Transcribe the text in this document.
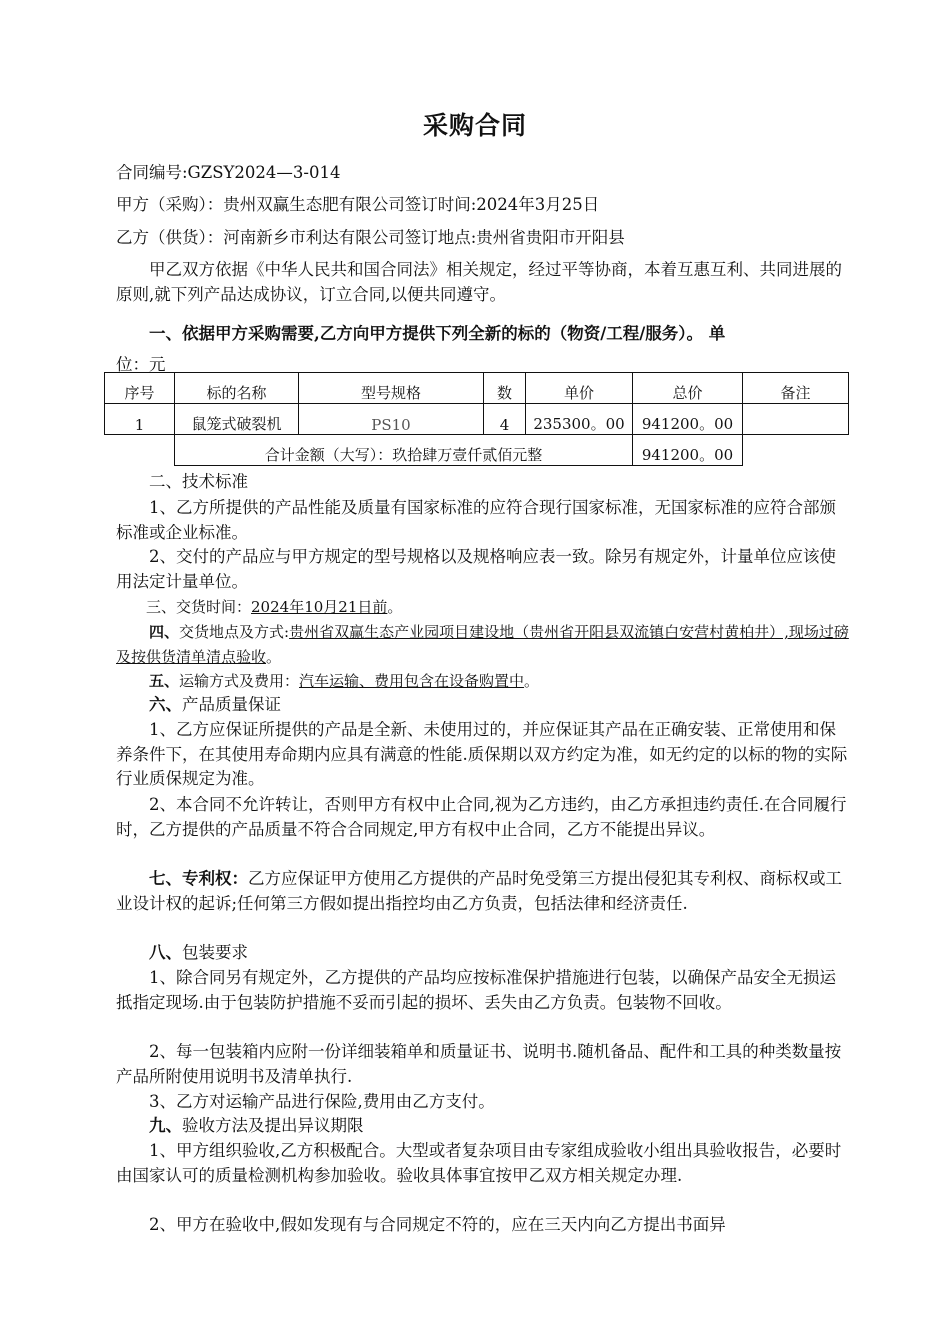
采购合同
合同编号:GZSY2024—3-014
甲方（采购）：贵州双赢生态肥有限公司签订时间:2024年3月25日
乙方（供货）：河南新乡市利达有限公司签订地点:贵州省贵阳市开阳县
甲乙双方依据《中华人民共和国合同法》相关规定，经过平等协商，本着互惠互利、共同进展的原则,就下列产品达成协议，订立合同,以便共同遵守。
一、依据甲方采购需要,乙方向甲方提供下列全新的标的（物资/工程/服务）。 单
位：元
序号	标的名称	型号规格	数	单价	总价	备注
1	鼠笼式破裂机	PS10	4	235300。00	941200。00	
	合计金额（大写）：玖拾肆万壹仟贰佰元整				941200。00	
二、技术标准
1、乙方所提供的产品性能及质量有国家标准的应符合现行国家标准，无国家标准的应符合部颁标准或企业标准。
2、交付的产品应与甲方规定的型号规格以及规格响应表一致。除另有规定外，计量单位应该使用法定计量单位。
三、交货时间：2024年10月21日前。
四、交货地点及方式:贵州省双赢生态产业园项目建设地（贵州省开阳县双流镇白安营村黄柏井）,现场过磅及按供货清单清点验收。
五、运输方式及费用：汽车运输、费用包含在设备购置中。
六、产品质量保证
1、乙方应保证所提供的产品是全新、未使用过的，并应保证其产品在正确安装、正常使用和保养条件下，在其使用寿命期内应具有满意的性能.质保期以双方约定为准，如无约定的以标的物的实际行业质保规定为准。
2、本合同不允许转让，否则甲方有权中止合同,视为乙方违约，由乙方承担违约责任.在合同履行时，乙方提供的产品质量不符合合同规定,甲方有权中止合同，乙方不能提出异议。
七、专利权：乙方应保证甲方使用乙方提供的产品时免受第三方提出侵犯其专利权、商标权或工业设计权的起诉;任何第三方假如提出指控均由乙方负责，包括法律和经济责任.
八、包装要求
1、除合同另有规定外，乙方提供的产品均应按标准保护措施进行包装，以确保产品安全无损运抵指定现场.由于包装防护措施不妥而引起的损坏、丢失由乙方负责。包装物不回收。
2、每一包装箱内应附一份详细装箱单和质量证书、说明书.随机备品、配件和工具的种类数量按产品所附使用说明书及清单执行.
3、乙方对运输产品进行保险,费用由乙方支付。
九、验收方法及提出异议期限
1、甲方组织验收,乙方积极配合。大型或者复杂项目由专家组成验收小组出具验收报告，必要时由国家认可的质量检测机构参加验收。验收具体事宜按甲乙双方相关规定办理.
2、甲方在验收中,假如发现有与合同规定不符的，应在三天内向乙方提出书面异
